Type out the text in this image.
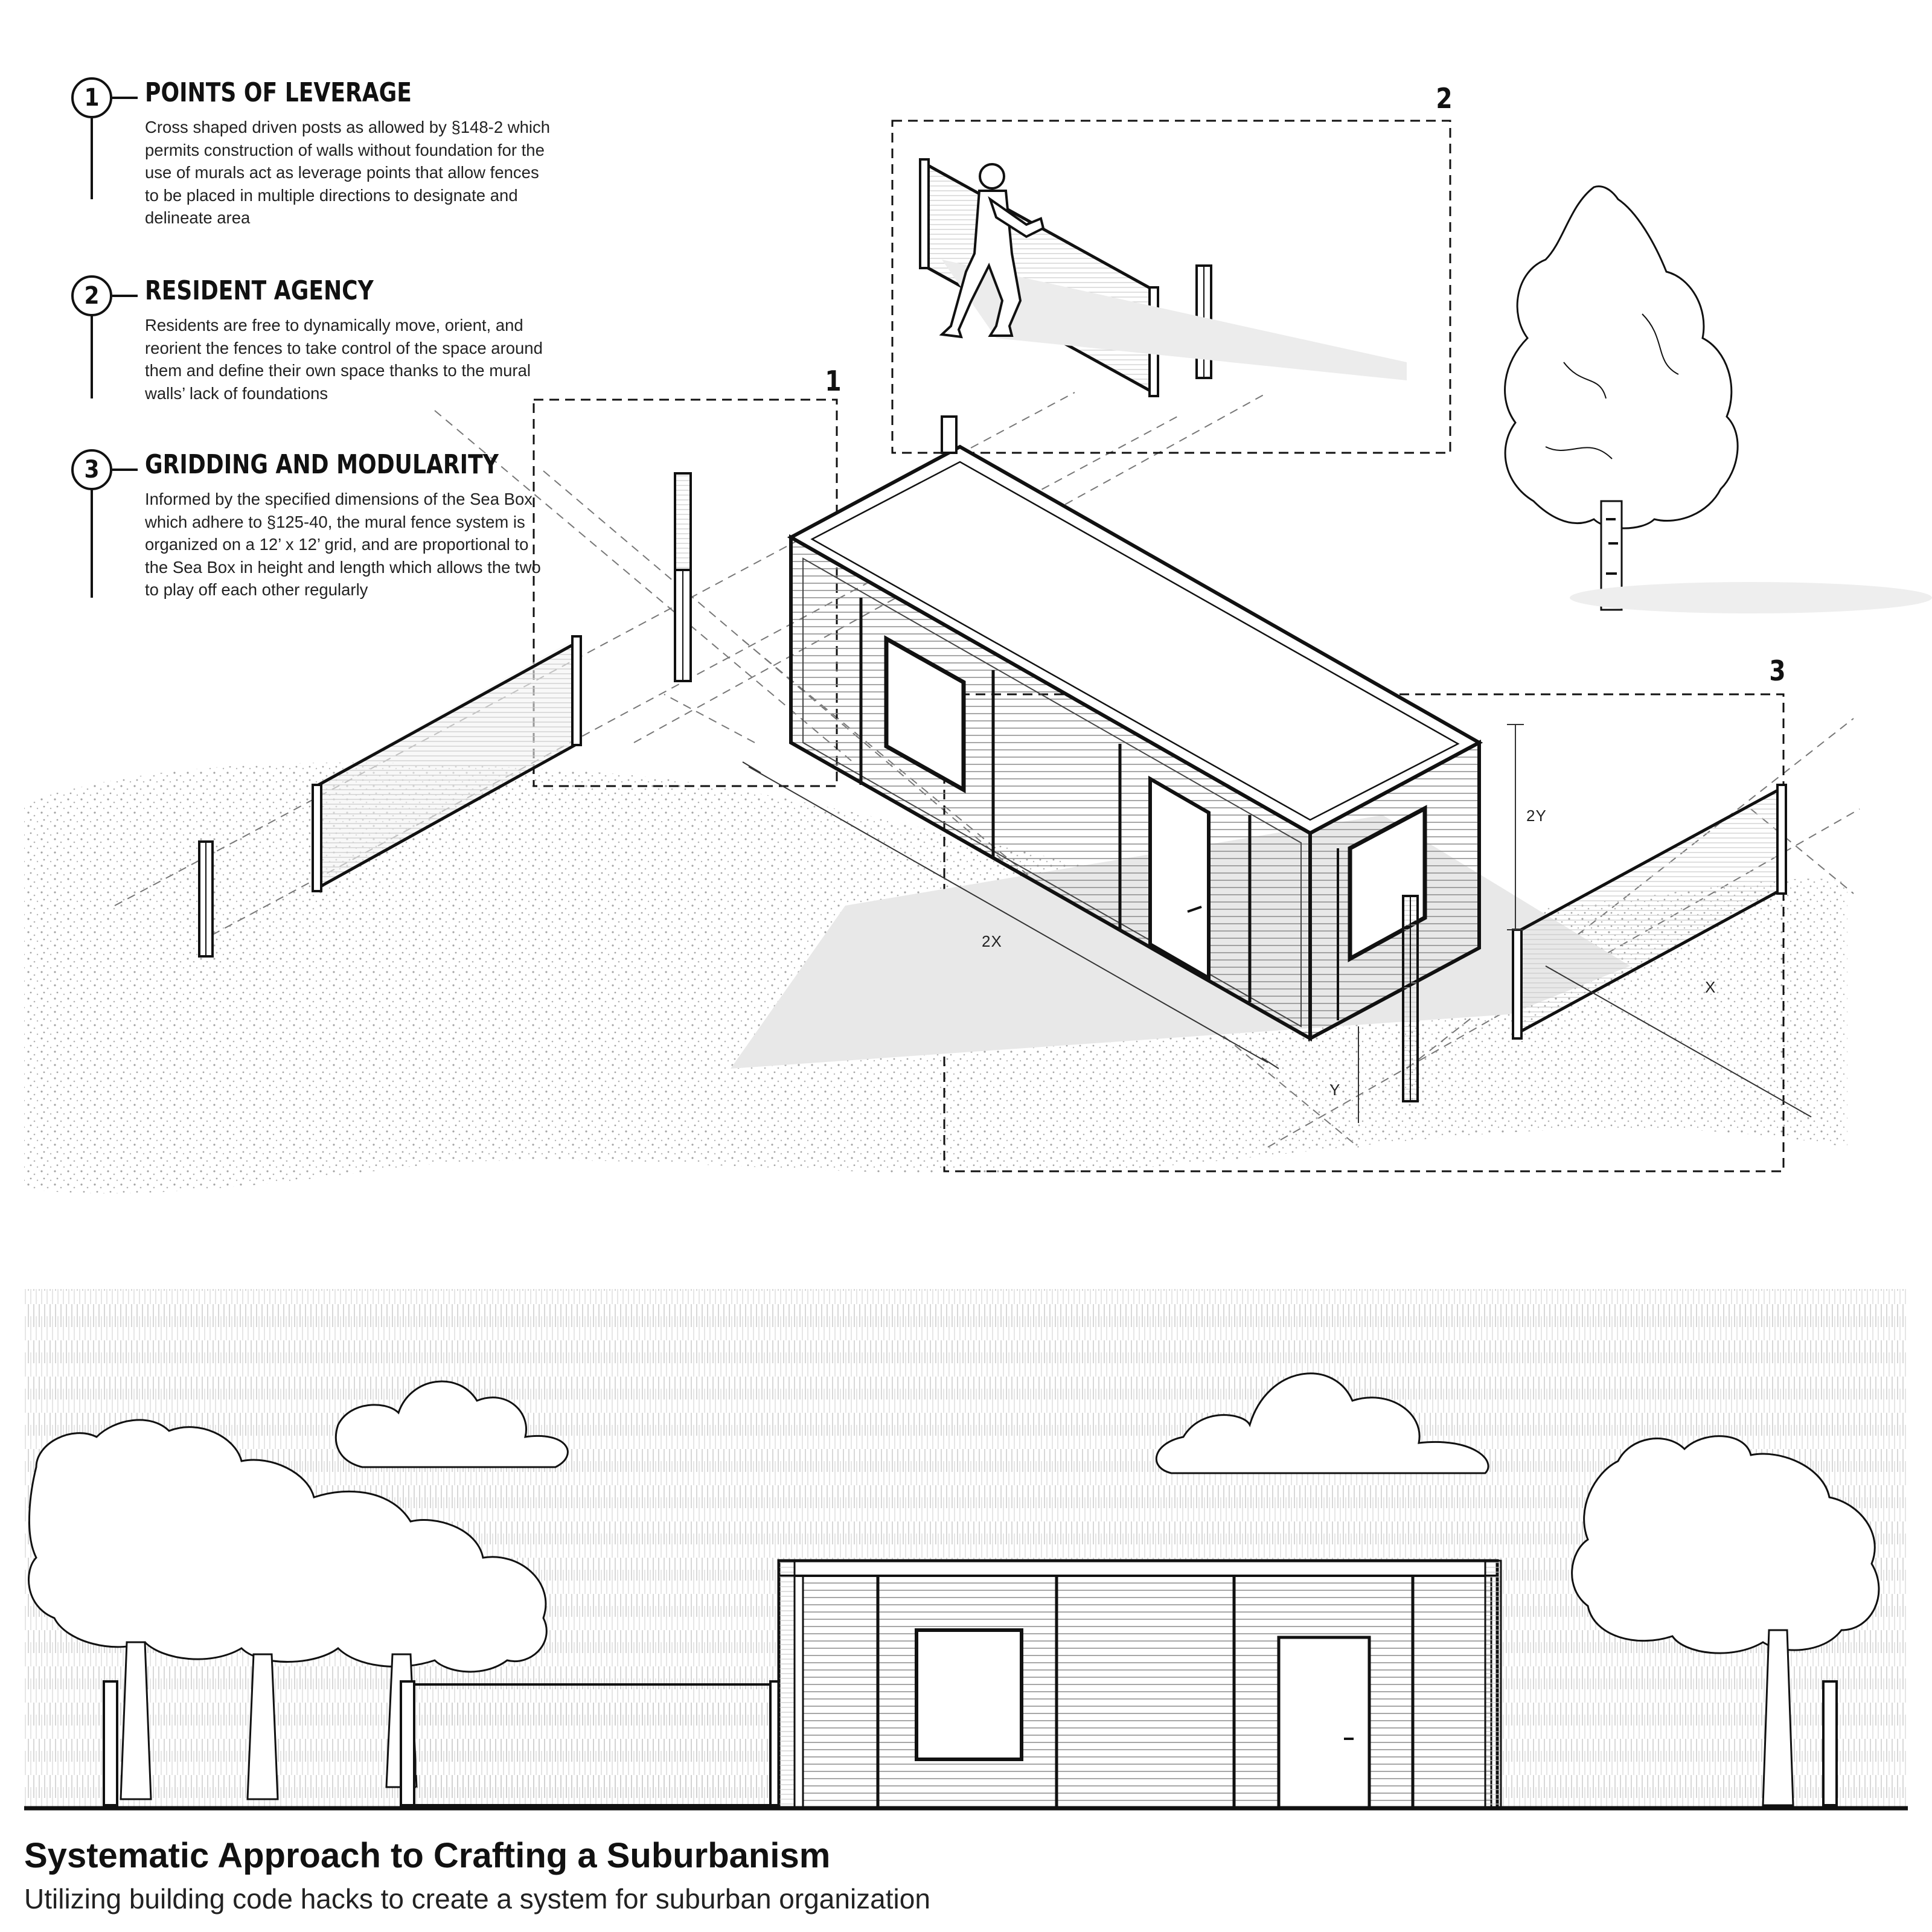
1	POINTS OF LEVERAGE
Cross shaped driven posts as allowed by §148-2 which permits construction of walls without foundation for the use of murals act as leverage points that allow fences to be placed in multiple directions to designate and delineate area
2	RESIDENT AGENCY
Residents are free to dynamically move, orient, and reorient the fences to take control of the space around them and define their own space thanks to the mural walls’ lack of foundations
3	GRIDDING AND MODULARITY
Informed by the specified dimensions of the Sea Box which adhere to §125-40, the mural fence system is organized on a 12’ x 12’ grid, and are proportional to the Sea Box in height and length which allows the two to play off each other regularly
1
2
3
2X
2Y
X
Y
Systematic Approach to Crafting a Suburbanism
Utilizing building code hacks to create a system for suburban organization
